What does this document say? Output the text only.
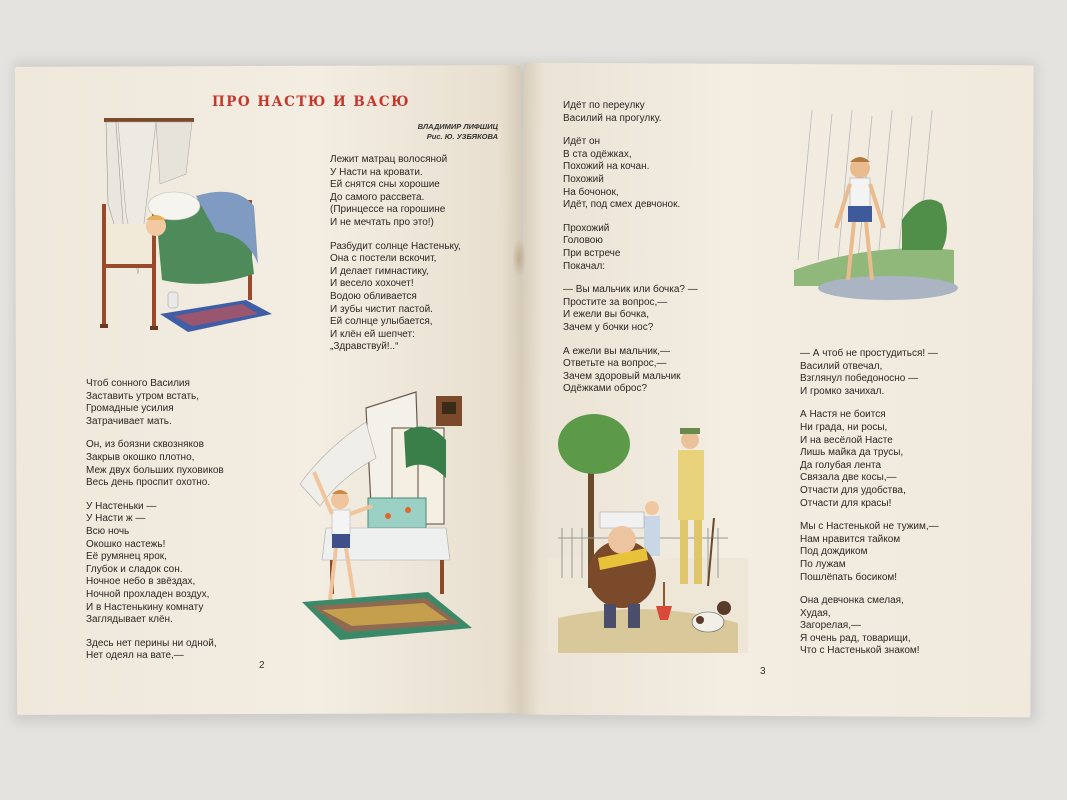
ПРО НАСТЮ И ВАСЮ
ВЛАДИМИР ЛИФШИЦ
Рис. Ю. УЗБЯКОВА
Лежит матрац волосяной
У Насти на кровати.
Ей снятся сны хорошие
До самого рассвета.
(Принцессе на горошине
И не мечтать про это!)
Разбудит солнце Настеньку,
Она с постели вскочит,
И делает гимнастику,
И весело хохочет!
Водою обливается
И зубы чистит пастой.
Ей солнце улыбается,
И клён ей шепчет:
„Здравствуй!..“
Чтоб сонного Василия
Заставить утром встать,
Громадные усилия
Затрачивает мать.
Он, из боязни сквозняков
Закрыв окошко плотно,
Меж двух больших пуховиков
Весь день проспит охотно.
У Настеньки —
У Насти ж —
Всю ночь
Окошко настежь!
Её румянец ярок,
Глубок и сладок сон.
Ночное небо в звёздах,
Ночной прохладен воздух,
И в Настенькину комнату
Заглядывает клён.
Здесь нет перины ни одной,
Нет одеял на вате,—
2
Идёт по переулку
Василий на прогулку.
Идёт он
В ста одёжках,
Похожий на кочан.
Похожий
На бочонок,
Идёт, под смех девчонок.
Прохожий
Головою
При встрече
Покачал:
— Вы мальчик или бочка? —
Простите за вопрос,—
И ежели вы бочка,
Зачем у бочки нос?
А ежели вы мальчик,—
Ответьте на вопрос,—
Зачем здоровый мальчик
Одёжками оброс?
— А чтоб не простудиться! —
Василий отвечал,
Взглянул победоносно —
И громко зачихал.
А Настя не боится
Ни града, ни росы,
И на весёлой Насте
Лишь майка да трусы,
Да голубая лента
Связала две косы,—
Отчасти для удобства,
Отчасти для красы!
Мы с Настенькой не тужим,—
Нам нравится тайком
Под дождиком
По лужам
Пошлёпать босиком!
Она девчонка смелая,
Худая,
Загорелая,—
Я очень рад, товарищи,
Что с Настенькой знаком!
3
